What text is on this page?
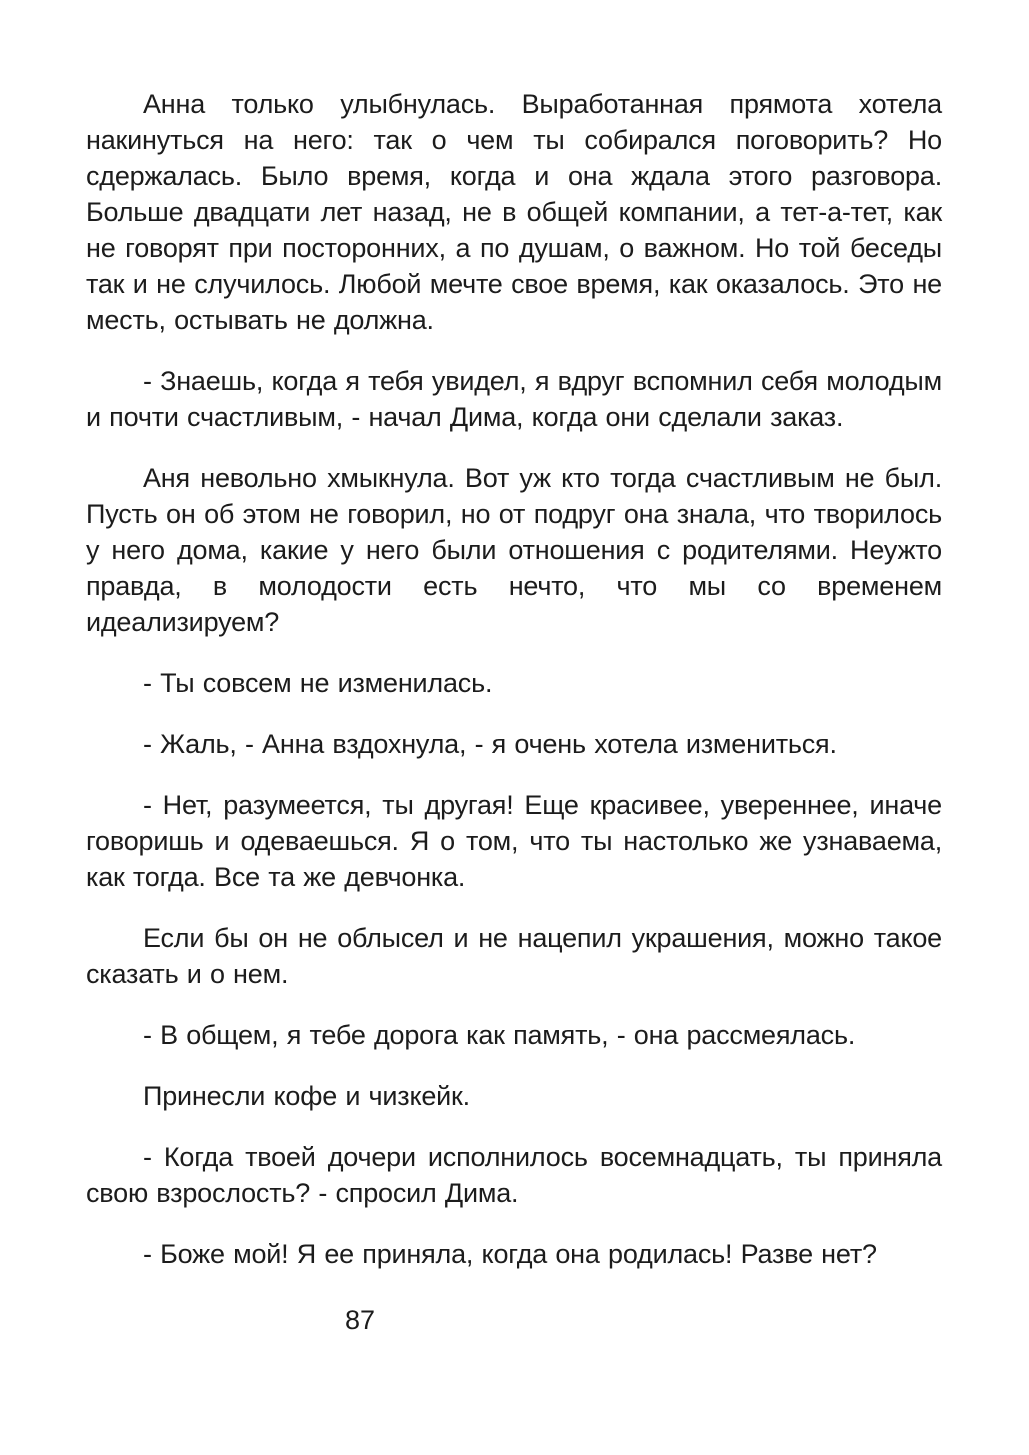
Анна только улыбнулась. Выработанная прямота хотела накинуться на него: так о чем ты собирался поговорить? Но сдержалась. Было время, когда и она ждала этого разговора. Больше двадцати лет назад, не в общей компании, а тет-а-тет, как не говорят при посторонних, а по душам, о важном. Но той беседы так и не случилось. Любой мечте свое время, как оказалось. Это не месть, остывать не должна.

- Знаешь, когда я тебя увидел, я вдруг вспомнил себя молодым и почти счастливым, - начал Дима, когда они сделали заказ.

Аня невольно хмыкнула. Вот уж кто тогда счастливым не был. Пусть он об этом не говорил, но от подруг она знала, что творилось у него дома, какие у него были отношения с родителями. Неужто правда, в молодости есть нечто, что мы со временем идеализируем?

- Ты совсем не изменилась.

- Жаль, - Анна вздохнула, - я очень хотела измениться.

- Нет, разумеется, ты другая! Еще красивее, увереннее, иначе говоришь и одеваешься. Я о том, что ты настолько же узнаваема, как тогда. Все та же девчонка.

Если бы он не облысел и не нацепил украшения, можно такое сказать и о нем.

- В общем, я тебе дорога как память, - она рассмеялась.

Принесли кофе и чизкейк.

- Когда твоей дочери исполнилось восемнадцать, ты приняла свою взрослость? - спросил Дима.

- Боже мой! Я ее приняла, когда она родилась! Разве нет?

87
